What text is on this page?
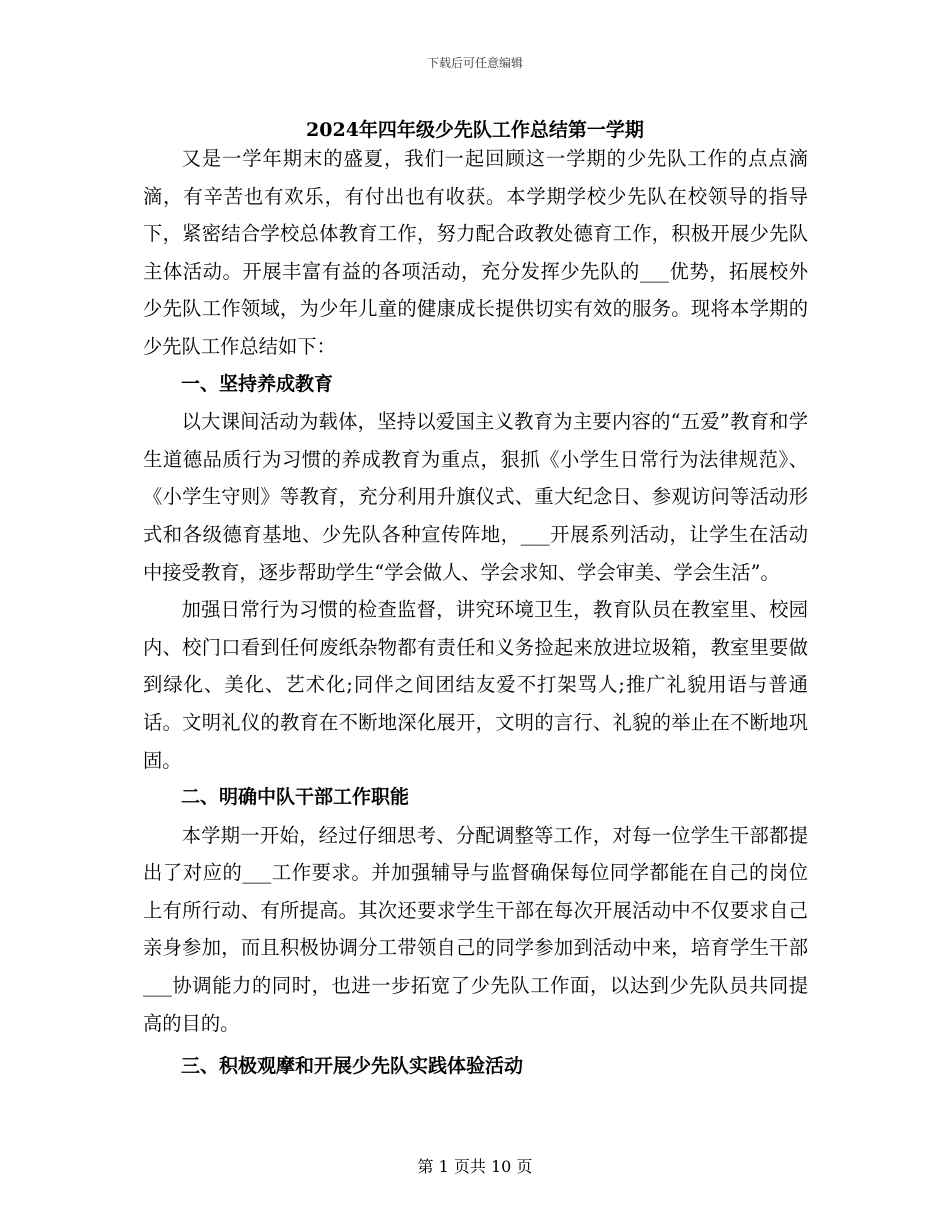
下载后可任意编辑
2024年四年级少先队工作总结第一学期

又是一学年期末的盛夏，我们一起回顾这一学期的少先队工作的点点滴滴，有辛苦也有欢乐，有付出也有收获。本学期学校少先队在校领导的指导下，紧密结合学校总体教育工作，努力配合政教处德育工作，积极开展少先队主体活动。开展丰富有益的各项活动，充分发挥少先队的___优势，拓展校外少先队工作领域，为少年儿童的健康成长提供切实有效的服务。现将本学期的少先队工作总结如下：

一、坚持养成教育

以大课间活动为载体，坚持以爱国主义教育为主要内容的“五爱”教育和学生道德品质行为习惯的养成教育为重点，狠抓《小学生日常行为法律规范》、《小学生守则》等教育，充分利用升旗仪式、重大纪念日、参观访问等活动形式和各级德育基地、少先队各种宣传阵地，___开展系列活动，让学生在活动中接受教育，逐步帮助学生“学会做人、学会求知、学会审美、学会生活”。

加强日常行为习惯的检查监督，讲究环境卫生，教育队员在教室里、校园内、校门口看到任何废纸杂物都有责任和义务捡起来放进垃圾箱，教室里要做到绿化、美化、艺术化;同伴之间团结友爱不打架骂人;推广礼貌用语与普通话。文明礼仪的教育在不断地深化展开，文明的言行、礼貌的举止在不断地巩固。

二、明确中队干部工作职能

本学期一开始，经过仔细思考、分配调整等工作，对每一位学生干部都提出了对应的___工作要求。并加强辅导与监督确保每位同学都能在自己的岗位上有所行动、有所提高。其次还要求学生干部在每次开展活动中不仅要求自己亲身参加，而且积极协调分工带领自己的同学参加到活动中来，培育学生干部___协调能力的同时，也进一步拓宽了少先队工作面，以达到少先队员共同提高的目的。

三、积极观摩和开展少先队实践体验活动

第 1 页共 10 页
